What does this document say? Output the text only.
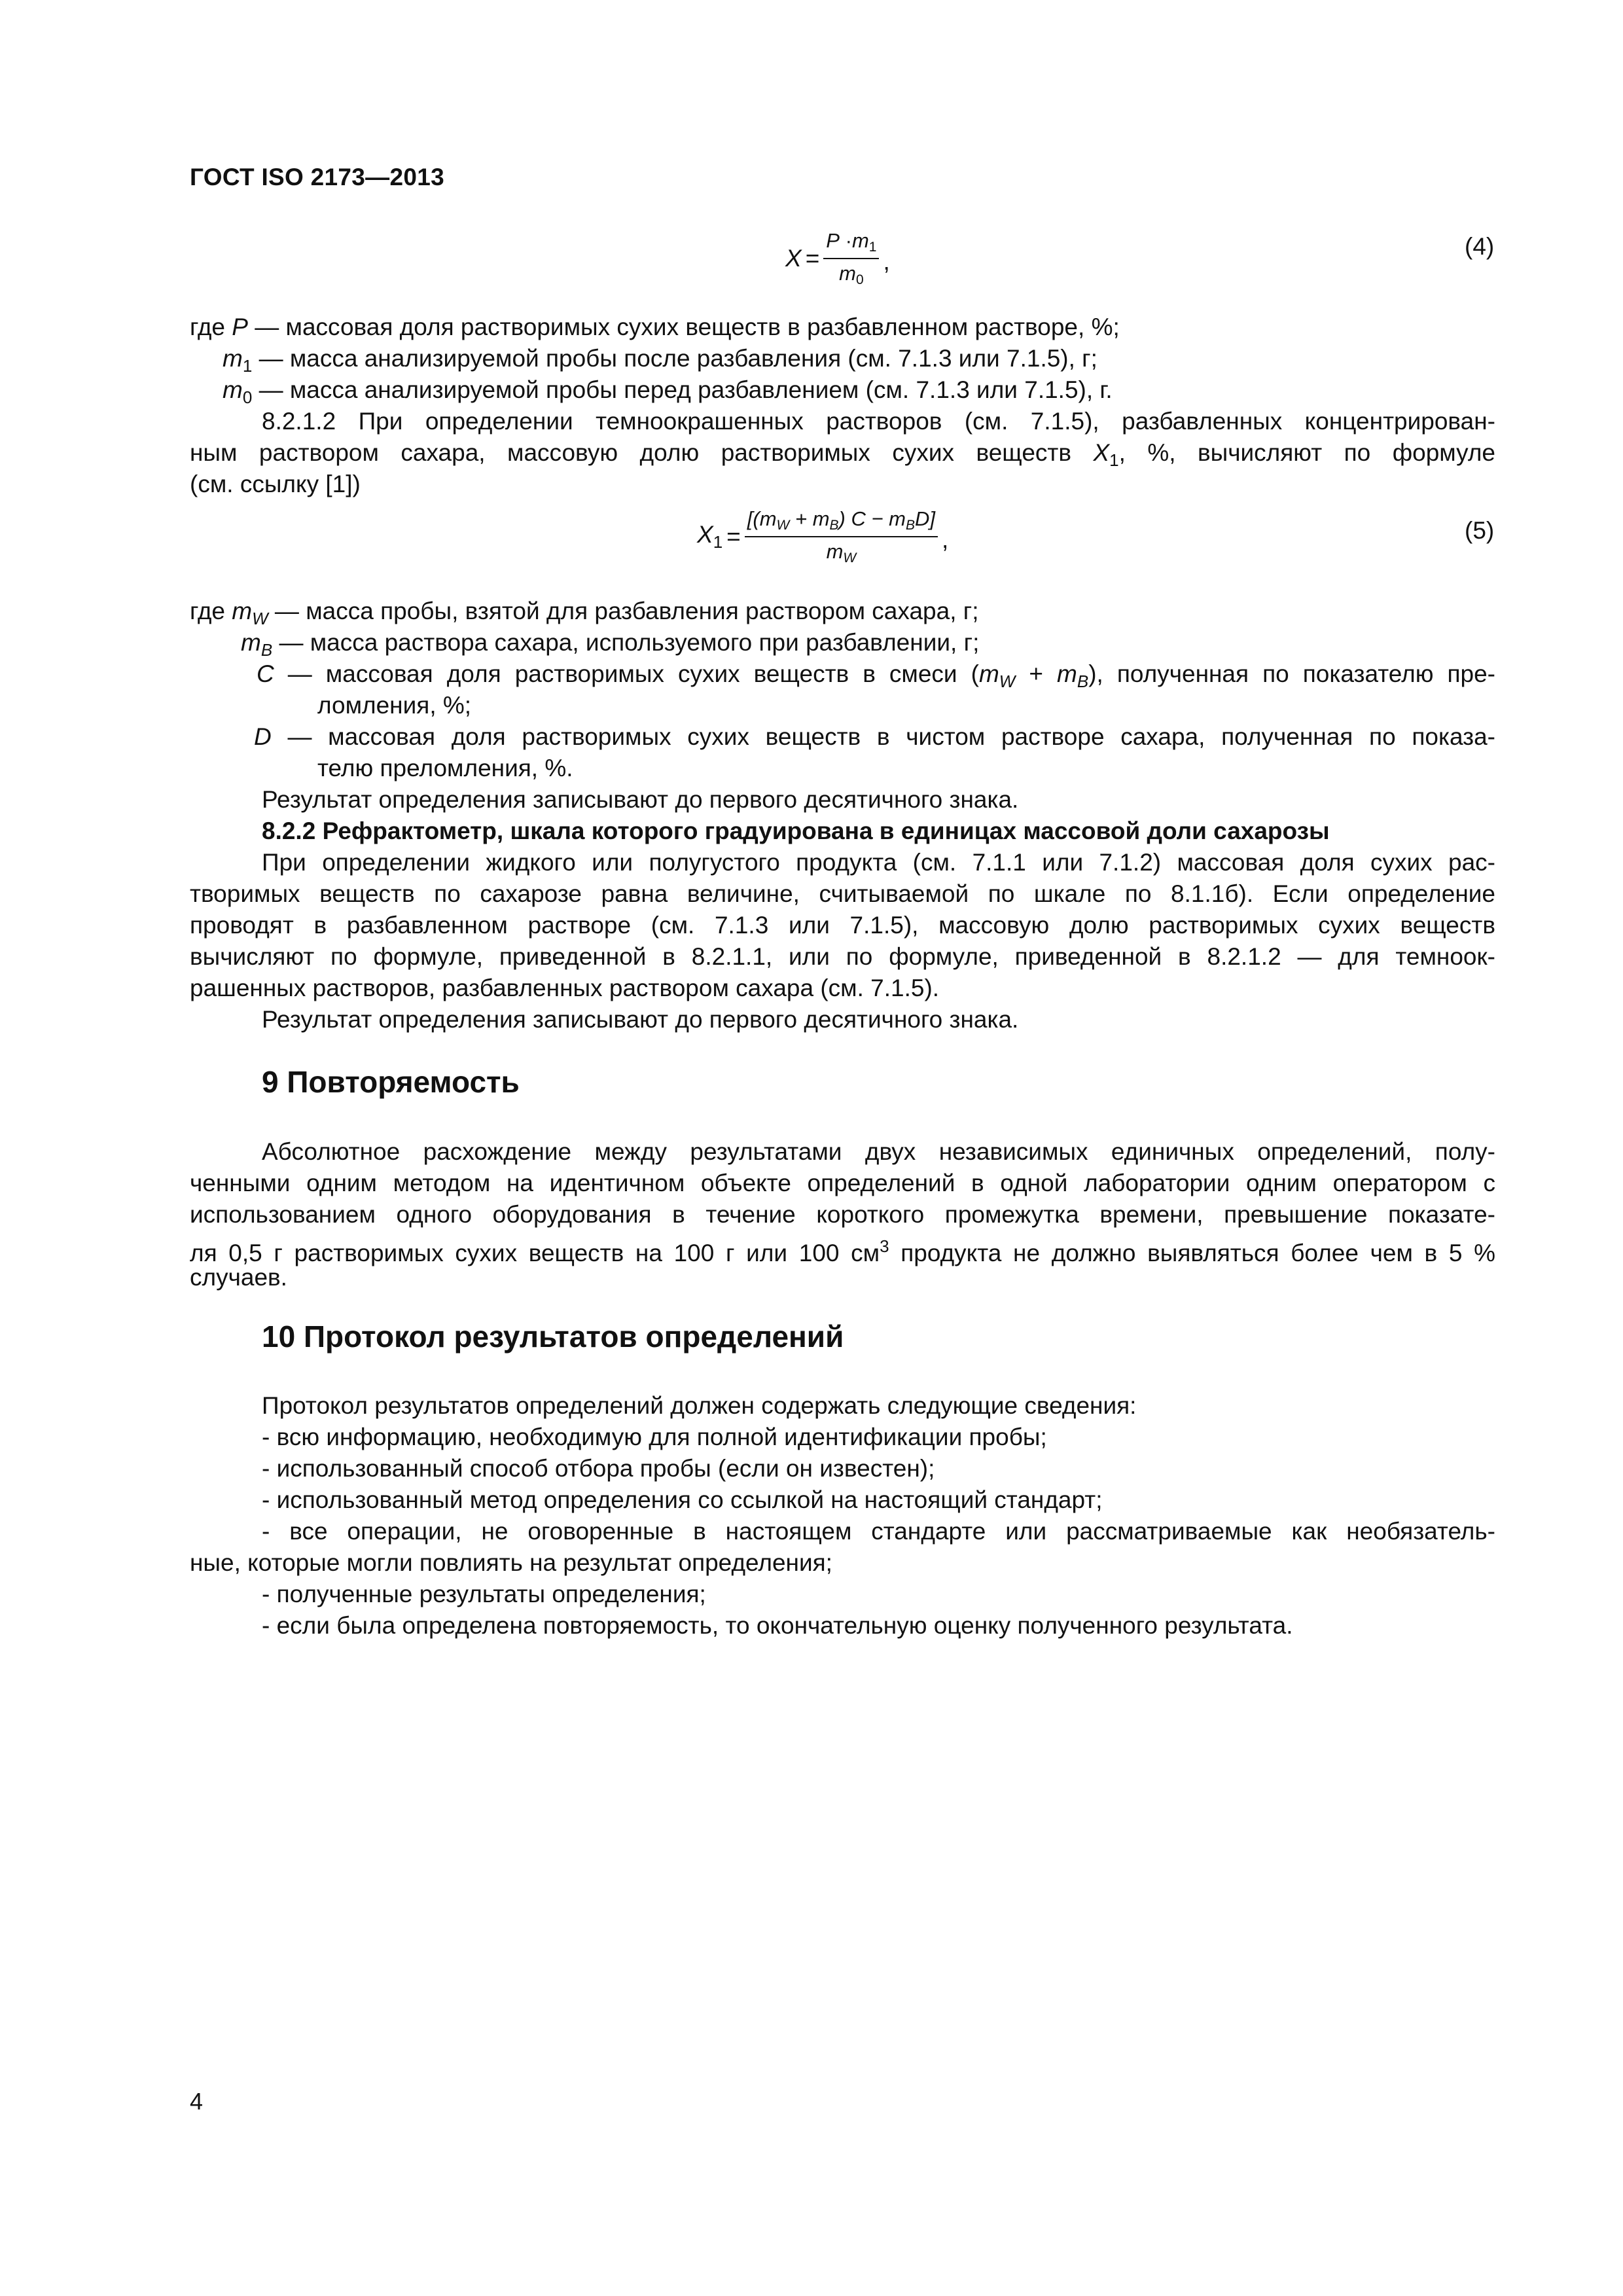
ГОСТ ISO 2173—2013
$X = \frac{P \cdot m1}{m0}$ ,
(4)
где P — массовая доля растворимых сухих веществ в разбавленном растворе, %;
$m_1$ — масса анализируемой пробы после разбавления (см. 7.1.3 или 7.1.5), г;
$m_0$ — масса анализируемой пробы перед разбавлением (см. 7.1.3 или 7.1.5), г.
8.2.1.2 При определении темноокрашенных растворов (см. 7.1.5), разбавленных концентрирован-
ным раствором сахара, массовую долю растворимых сухих веществ $X_1$, %, вычисляют по формуле
(см. ссылку [1])
$X_1 = \frac{\text{[(mW + mB) C − mBD]}}{mW}$ ,	(5)
где $m_W$ — масса пробы, взятой для разбавления раствором сахара, г;
$m_B$ — масса раствора сахара, используемого при разбавлении, г;
C — массовая доля растворимых сухих веществ в смеси $(m_W + m_B)$, полученная по показателю пре-
ломления, %;
D — массовая доля растворимых сухих веществ в чистом растворе сахара, полученная по показа-
телю преломления, %.
Результат определения записывают до первого десятичного знака.
8.2.2 Рефрактометр, шкала которого градуирована в единицах массовой доли сахарозы
При определении жидкого или полугустого продукта (см. 7.1.1 или 7.1.2) массовая доля сухих рас-
творимых веществ по сахарозе равна величине, считываемой по шкале по 8.1.1б). Если определение
проводят в разбавленном растворе (см. 7.1.3 или 7.1.5), массовую долю растворимых сухих веществ
вычисляют по формуле, приведенной в 8.2.1.1, или по формуле, приведенной в 8.2.1.2 — для темноок-
рашенных растворов, разбавленных раствором сахара (см. 7.1.5).
Результат определения записывают до первого десятичного знака.
9 Повторяемость
Абсолютное расхождение между результатами двух независимых единичных определений, полу-
ченными одним методом на идентичном объекте определений в одной лаборатории одним оператором с
использованием одного оборудования в течение короткого промежутка времени, превышение показате-
ля 0,5 г растворимых сухих веществ на 100 г или 100 $см^3$ продукта не должно выявляться более чем в 5 %
случаев.
10 Протокол результатов определений
Протокол результатов определений должен содержать следующие сведения:
- всю информацию, необходимую для полной идентификации пробы;
- использованный способ отбора пробы (если он известен);
- использованный метод определения со ссылкой на настоящий стандарт;
- все операции, не оговоренные в настоящем стандарте или рассматриваемые как необязатель-
ные, которые могли повлиять на результат определения;
- полученные результаты определения;
- если была определена повторяемость, то окончательную оценку полученного результата.
4
